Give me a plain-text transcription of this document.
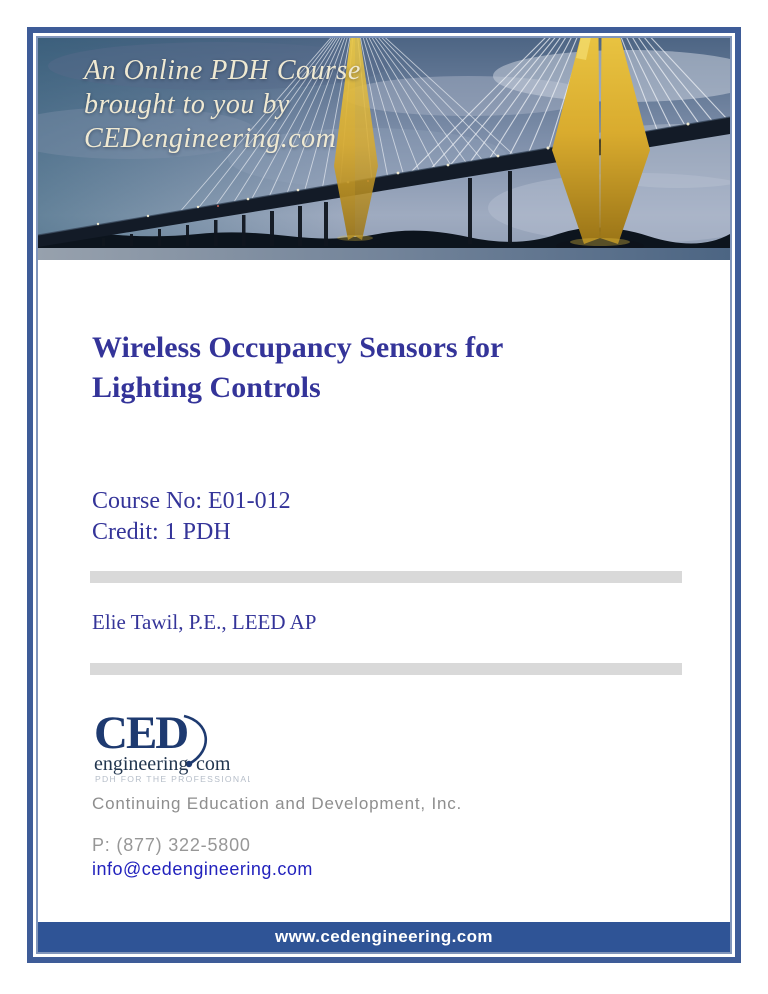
An Online PDH Course
brought to you by
CEDengineering.com
Wireless Occupancy Sensors for
Lighting Controls
Course No: E01-012
Credit: 1 PDH
Elie Tawil, P.E., LEED AP
CED
engineering com
PDH FOR THE PROFESSIONAL
Continuing Education and Development, Inc.
P: (877) 322-5800
info@cedengineering.com
www.cedengineering.com
